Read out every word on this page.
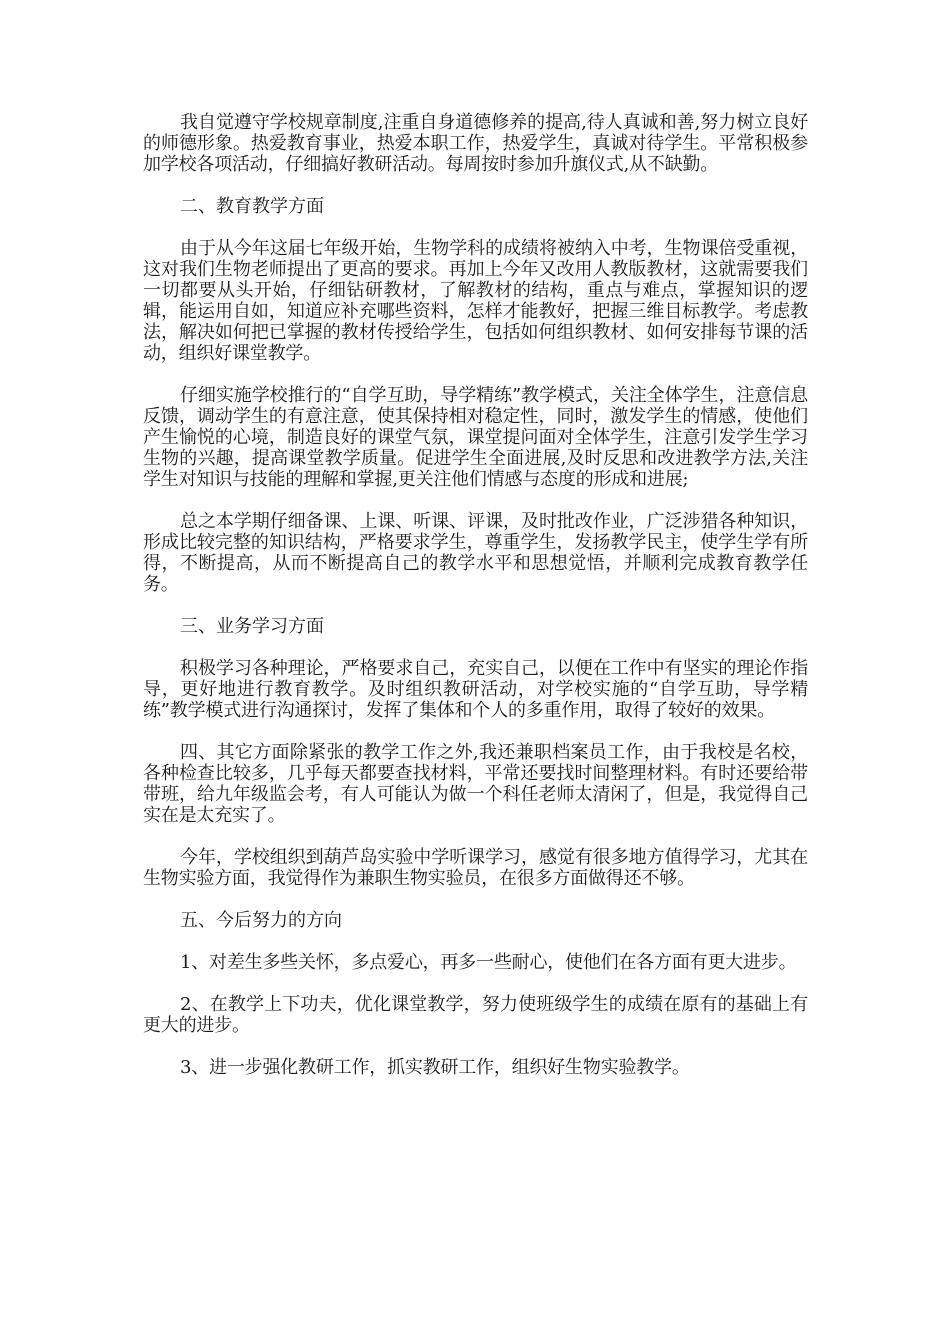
我自觉遵守学校规章制度,注重自身道德修养的提高,待人真诚和善,努力树立良好的师德形象。热爱教育事业，热爱本职工作，热爱学生，真诚对待学生。平常积极参加学校各项活动，仔细搞好教研活动。每周按时参加升旗仪式,从不缺勤。

二、教育教学方面

由于从今年这届七年级开始，生物学科的成绩将被纳入中考，生物课倍受重视，这对我们生物老师提出了更高的要求。再加上今年又改用人教版教材，这就需要我们一切都要从头开始，仔细钻研教材，了解教材的结构，重点与难点，掌握知识的逻辑，能运用自如，知道应补充哪些资料，怎样才能教好，把握三维目标教学。考虑教法，解决如何把已掌握的教材传授给学生，包括如何组织教材、如何安排每节课的活动，组织好课堂教学。

仔细实施学校推行的“自学互助，导学精练”教学模式，关注全体学生，注意信息反馈，调动学生的有意注意，使其保持相对稳定性，同时，激发学生的情感，使他们产生愉悦的心境，制造良好的课堂气氛，课堂提问面对全体学生，注意引发学生学习生物的兴趣，提高课堂教学质量。促进学生全面进展,及时反思和改进教学方法,关注学生对知识与技能的理解和掌握,更关注他们情感与态度的形成和进展;

总之本学期仔细备课、上课、听课、评课，及时批改作业，广泛涉猎各种知识，形成比较完整的知识结构，严格要求学生，尊重学生，发扬教学民主，使学生学有所得，不断提高，从而不断提高自己的教学水平和思想觉悟，并顺利完成教育教学任务。

三、业务学习方面

积极学习各种理论，严格要求自己，充实自己，以便在工作中有坚实的理论作指导，更好地进行教育教学。及时组织教研活动，对学校实施的“自学互助，导学精练”教学模式进行沟通探讨，发挥了集体和个人的多重作用，取得了较好的效果。

四、其它方面除紧张的教学工作之外,我还兼职档案员工作，由于我校是名校，各种检查比较多，几乎每天都要查找材料，平常还要找时间整理材料。有时还要给带带班，给九年级监会考，有人可能认为做一个科任老师太清闲了，但是，我觉得自己实在是太充实了。

今年，学校组织到葫芦岛实验中学听课学习，感觉有很多地方值得学习，尤其在生物实验方面，我觉得作为兼职生物实验员，在很多方面做得还不够。

五、今后努力的方向

1、对差生多些关怀，多点爱心，再多一些耐心，使他们在各方面有更大进步。

2、在教学上下功夫，优化课堂教学，努力使班级学生的成绩在原有的基础上有更大的进步。

3、进一步强化教研工作，抓实教研工作，组织好生物实验教学。
